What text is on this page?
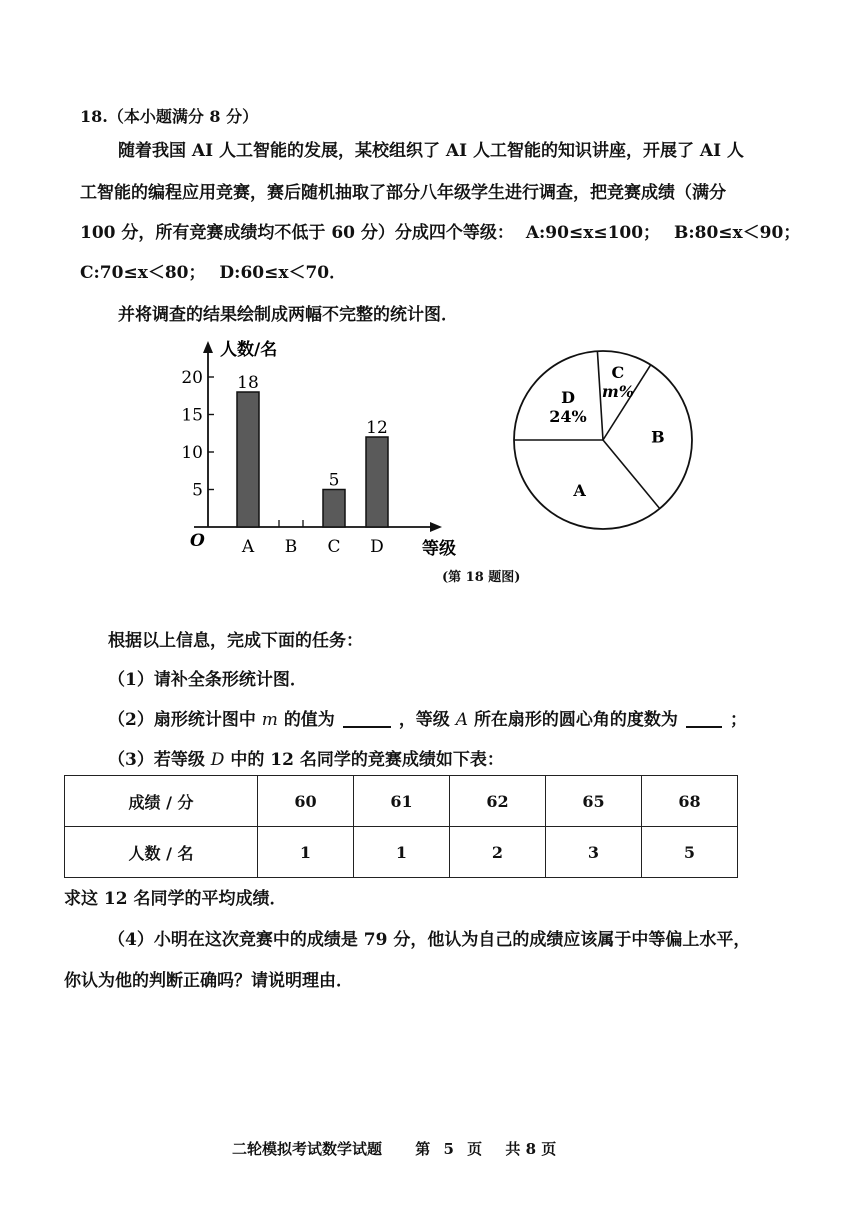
18.（本小题满分 8 分）
随着我国 AI 人工智能的发展，某校组织了 AI 人工智能的知识讲座，开展了 AI 人
工智能的编程应用竞赛，赛后随机抽取了部分八年级学生进行调查，把竞赛成绩（满分
100 分，所有竞赛成绩均不低于 60 分）分成四个等级： A:90≤x≤100； B:80≤x＜90；
C:70≤x＜80； D:60≤x＜70．
并将调查的结果绘制成两幅不完整的统计图．
人数/名
等级
O
5
10
15
20
A
18
B C
5
D
12
D
24%
C
m%
B
A
(第 18 题图)
根据以上信息，完成下面的任务：
（1）请补全条形统计图．
（2）扇形统计图中 m 的值为	，等级 A 所在扇形的圆心角的度数为	；
（3）若等级 D 中的 12 名同学的竞赛成绩如下表：
成绩 / 分	60	61	62	65	68
人数 / 名	1	1	2	3	5
求这 12 名同学的平均成绩．
（4）小明在这次竞赛中的成绩是 79 分，他认为自己的成绩应该属于中等偏上水平，
你认为他的判断正确吗？请说明理由．
二轮模拟考试数学试题 第 5 页 共 8 页
